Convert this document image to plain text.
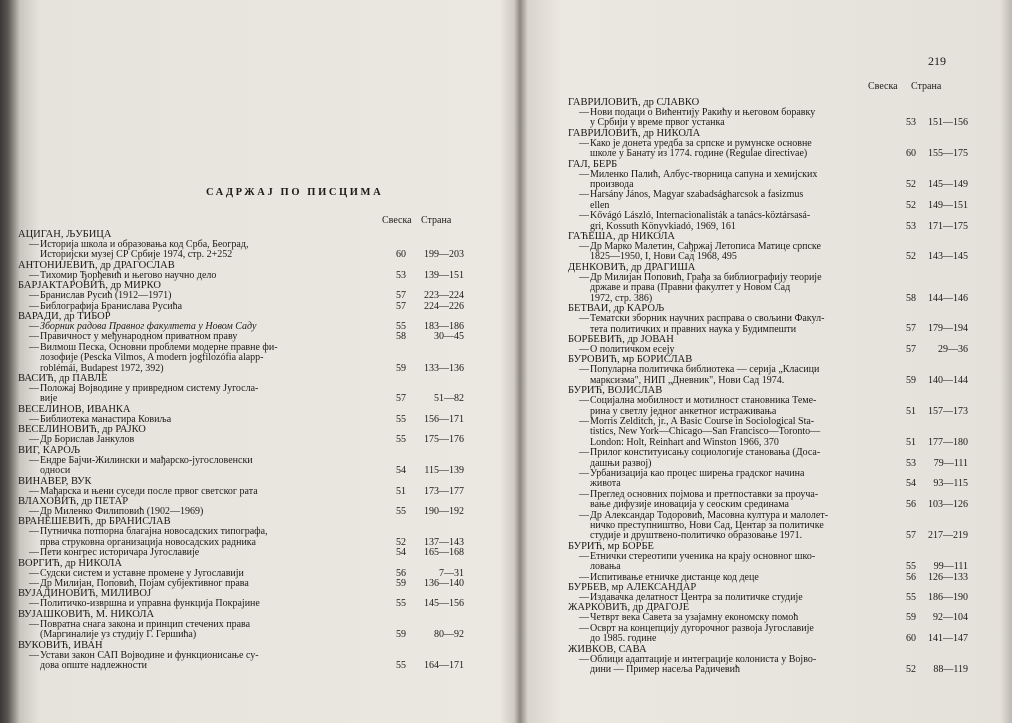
САДРЖАЈ ПО ПИСЦИМА
Свеска Страна
АЦИГАН, ЉУБИЦА
— Историја школа и образовања код Срба, Београд,
Историјски музеј СР Србије 1974, стр. 2+252	60	199—203
АНТОНИЈЕВИЋ, др ДРАГОСЛАВ
— Тихомир Ђорђевић и његово научно дело	53	139—151
БАРЈАКТАРОВИЋ, др МИРКО
— Бранислав Русић (1912—1971)	57	223—224
— Библографија Бранислава Русића	57	224—226
ВАРАДИ, др ТИБОР
— Зборник радова Правног факултета у Новом Саду	55	183—186
— Правичност у међународном приватном праву	58	30—45
— Вилмош Песка, Основни проблеми модерне правне фи-
лозофије (Pescka Vilmos, A modern jogfilozófia alapp-
roblémái, Budapest 1972, 392)	59	133—136
ВАСИЋ, др ПАВЛЕ
— Положај Војводине у привредном систему Југосла-
вије	57	51—82
ВЕСЕЛИНОВ, ИВАНКА
— Библиотека манастира Ковиља	55	156—171
ВЕСЕЛИНОВИЋ, др РАЈКО
— Др Борислав Јанкулов	55	175—176
ВИГ, КАРОЉ
— Ендре Бајчи-Жилински и мађарско-југословенски
односи	54	115—139
ВИНАВЕР, ВУК
— Мађарска и њени суседи после првог светског рата	51	173—177
ВЛАХОВИЋ, др ПЕТАР
— Др Миленко Филиповић (1902—1969)	55	190—192
ВРАНЕШЕВИЋ, др БРАНИСЛАВ
— Путничка потпорна благајна новосадских типографа,
прва струковна организација новосадских радника	52	137—143
— Пети конгрес историчара Југославије	54	165—168
ВОРГИЋ, др НИКОЛА
— Судски систем и уставне промене у Југославији	56	7—31
— Др Милијан, Поповић, Појам субјективног права	59	136—140
ВУЈАДИНОВИЋ, МИЛИВОЈ
— Политичко-извршна и управна функција Покрајине	55	145—156
ВУЈАШКОВИЋ, М. НИКОЛА
— Повратна снага закона и принцип стечених права
(Маргиналије уз студију Г. Гершића)	59	80—92
ВУКОВИЋ, ИВАН
— Устави закон САП Војводине и функционисање су-
дова опште надлежности	55	164—171
219
Свеска Страна
ГАВРИЛОВИЋ, др СЛАВКО
— Нови подаци о Вићентију Ракићу и његовом боравку
у Србији у време првог устанка	53	151—156
ГАВРИЛОВИЋ, др НИКОЛА
— Како је донета уредба за српске и румунске основне
школе у Банату из 1774. године (Regulae directivae)	60	155—175
ГАЛ, БЕРБ
— Миленко Палић, Албус-творница сапуна и хемијских
производа	52	145—149
— Harsány János, Magyar szabadságharcsok a fasizmus
ellen	52	149—151
— Kővágó László, Internacionalisták a tanács-köztársasá-
gri, Kossuth Könyvkiadó, 1969, 161	53	171—175
ГАЋЕША, др НИКОЛА
— Др Марко Малетин, Сађржај Летописа Матице српске
1825—1950, I, Нови Сад 1968, 495	52	143—145
ДЕНКОВИЋ, др ДРАГИША
— Др Милијан Поповић, Грађа за библиографију теорије
државе и права (Правни факултет у Новом Сад
1972, стр. 386)	58	144—146
БЕТВАИ, др КАРОЉ
— Тематски зборник научних расправа о свољини Факул-
тета политичких и правних наука у Будимпешти	57	179—194
БОРБЕВИЋ, др ЈОВАН
— О политичком есеју	57	29—36
БУРОВИЋ, мр БОРИСЛАВ
— Популарна политичка библиотека — серија „Класици
марксизма", НИП „Дневник", Нови Сад 1974.	59	140—144
БУРИЋ, ВОЈИСЛАВ
— Социјална мобилност и мотилност становника Теме-
рина у светлу једног анкетног истраживања	51	157—173
— Morris Zelditch, jr., A Basic Course in Sociological Sta-
tistics, New York—Chicago—San Francisco—Toronto—
London: Holt, Reinhart and Winston 1966, 370	51	177—180
— Прилог конституисању социологије становања (Доса-
дашњи развој)	53	79—111
— Урбанизација као процес ширења градског начина
живота	54	93—115
— Преглед основних појмова и претпоставки за проуча-
вање дифузије иновација у сеоским срединама	56	103—126
— Др Александар Тодоровић, Масовна култура и малолет-
ничко преступништво, Нови Сад, Центар за политичке
студије и друштвено-политичко образовање 1971.	57	217—219
БУРИЋ, мр БОРБЕ
— Етнички стереотипи ученика на крају основног шко-
ловања	55	99—111
— Испитивање етничке дистанце код деце	56	126—133
БУРБЕВ, мр АЛЕКСАНДАР
— Издавачка делатност Центра за политичке студије	55	186—190
ЖАРКОВИЋ, др ДРАГОЈЕ
— Четврт века Савета за узајамну економску помоћ	59	92—104
— Осврт на концепцију дугорочног развоја Југославије
до 1985. године	60	141—147
ЖИВКОВ, САВА
— Облици адаптације и интеграције колониста у Војво-
дини — Пример насеља Радичевић	52	88—119
